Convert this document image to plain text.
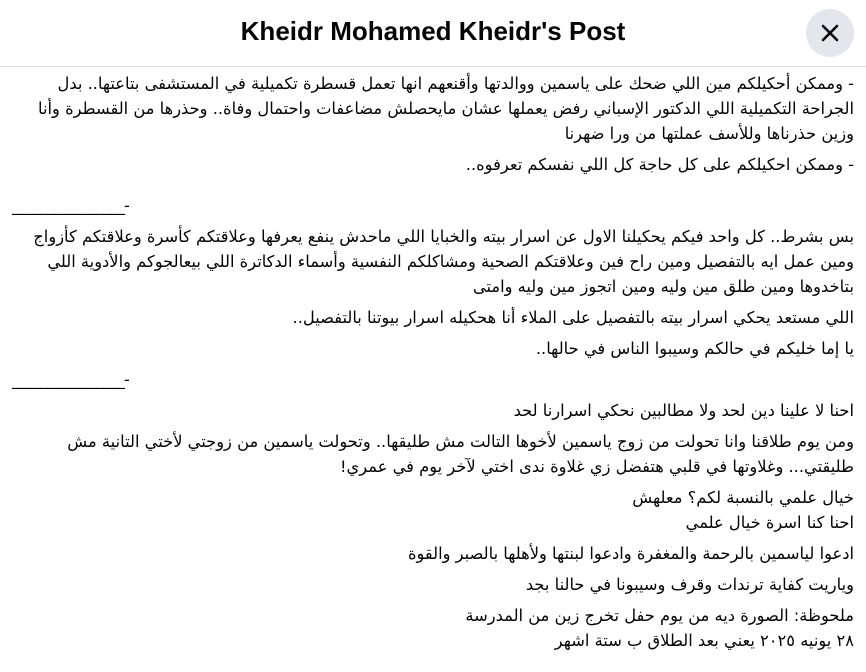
Kheidr Mohamed Kheidr's Post

- وممكن أحكيلكم مين اللي ضحك على ياسمين ووالدتها وأقنعهم انها تعمل قسطرة تكميلية في المستشفى بتاعتها.. بدل الجراحة التكميلية اللي الدكتور الإسباني رفض يعملها عشان مايحصلش مضاعفات واحتمال وفاة.. وحذرها من القسطرة وأنا وزين حذرناها وللأسف عملتها من ورا ضهرنا

- وممكن احكيلكم على كل حاجة كل اللي نفسكم تعرفوه..

________________-

بس بشرط.. كل واحد فيكم يحكيلنا الاول عن اسرار بيته والخبايا اللي ماحدش ينفع يعرفها وعلاقتكم كأسرة وعلاقتكم كأزواج ومين عمل ايه بالتفصيل ومين راح فين وعلاقتكم الصحية ومشاكلكم النفسية وأسماء الدكاترة اللي بيعالجوكم والأدوية اللي بتاخدوها ومين طلق مين وليه ومين اتجوز مين وليه وامتى

اللي مستعد يحكي اسرار بيته بالتفصيل على الملاء أنا هحكيله اسرار بيوتنا بالتفصيل..

يا إما خليكم في حالكم وسيبوا الناس في حالها..

________________-

احنا لا علينا دين لحد ولا مطالبين نحكي اسرارنا لحد

ومن يوم طلاقنا وانا تحولت من زوج ياسمين لأخوها التالت مش طليقها.. وتحولت ياسمين من زوجتي لأختي التانية مش طليقتي... وغلاوتها في قلبي هتفضل زي غلاوة ندى اختي لآخر يوم في عمري!

خيال علمي بالنسبة لكم؟ معلهش

احنا كنا اسرة خيال علمي

ادعوا لياسمين بالرحمة والمغفرة وادعوا لبنتها ولأهلها بالصبر والقوة

وياريت كفاية ترندات وقرف وسيبونا في حالنا بجد

ملحوظة: الصورة ديه من يوم حفل تخرج زين من المدرسة

٢٨ يونيه ٢٠٢٥ يعني بعد الطلاق ب ستة اشهر
